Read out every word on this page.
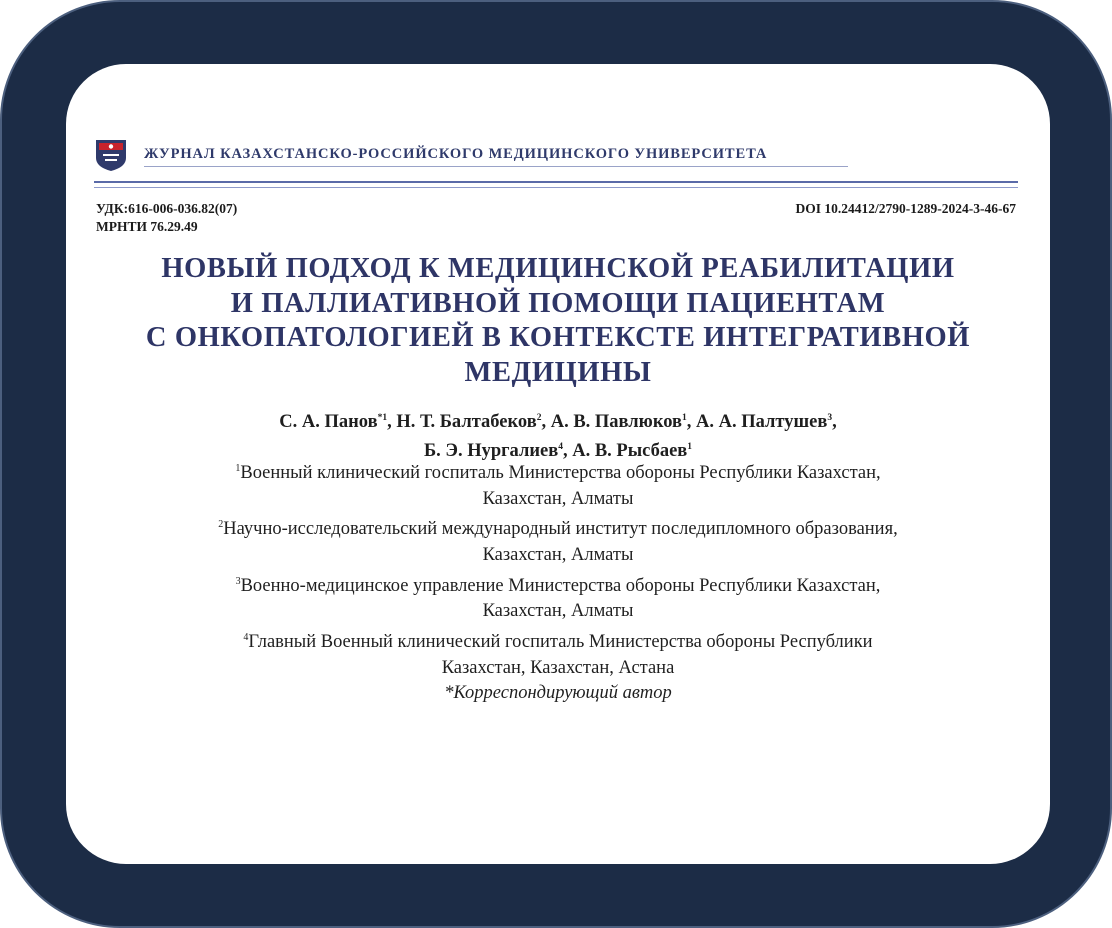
ЖУРНАЛ КАЗАХСТАНСКО-РОССИЙСКОГО МЕДИЦИНСКОГО УНИВЕРСИТЕТА
УДК:616-006-036.82(07)
МРНТИ 76.29.49
DOI 10.24412/2790-1289-2024-3-46-67
НОВЫЙ ПОДХОД К МЕДИЦИНСКОЙ РЕАБИЛИТАЦИИ
И ПАЛЛИАТИВНОЙ ПОМОЩИ ПАЦИЕНТАМ
С ОНКОПАТОЛОГИЕЙ В КОНТЕКСТЕ ИНТЕГРАТИВНОЙ
МЕДИЦИНЫ
С. А. Панов$^{*1}$, Н. Т. Балтабеков$^2$, А. В. Павлюков$^1$, А. А. Палтушев$^3$,
Б. Э. Нургалиев$^4$, А. В. Рысбаев$^1$
$^1$Военный клинический госпиталь Министерства обороны Республики Казахстан,
Казахстан, Алматы
$^2$Научно-исследовательский международный институт последипломного образования,
Казахстан, Алматы
$^3$Военно-медицинское управление Министерства обороны Республики Казахстан,
Казахстан, Алматы
$^4$Главный Военный клинический госпиталь Министерства обороны Республики
Казахстан, Казахстан, Астана
*Корреспондирующий автор
